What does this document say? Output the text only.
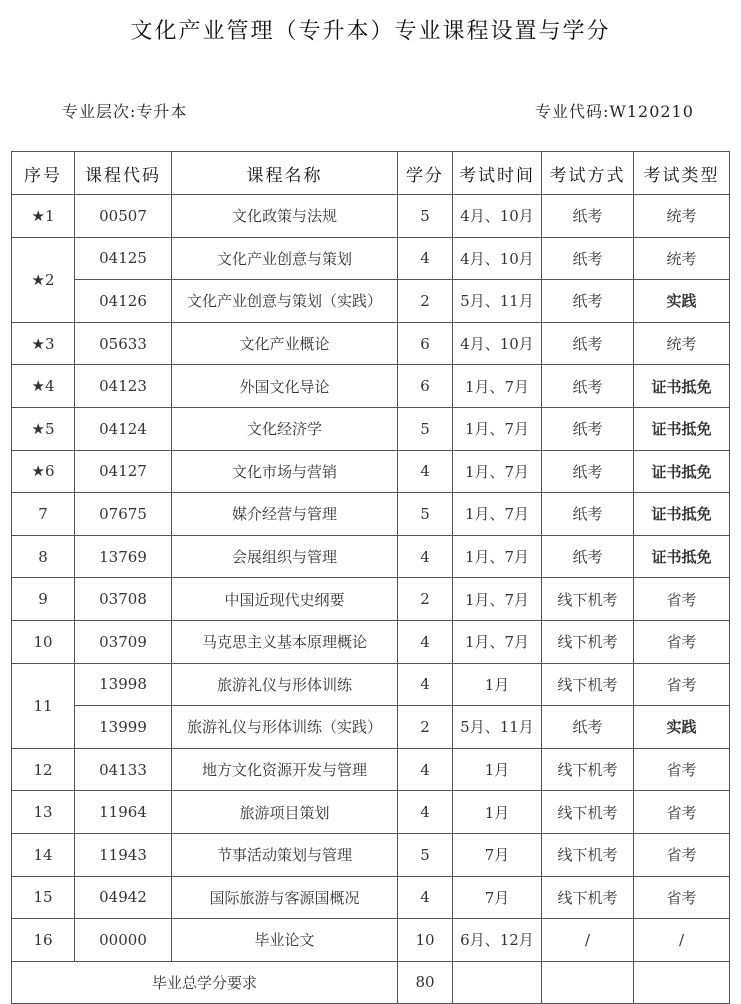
文化产业管理（专升本）专业课程设置与学分
专业层次:专升本	专业代码:W120210
序号	课程代码	课程名称	学分	考试时间	考试方式	考试类型
★1	00507	文化政策与法规	5	4月、10月	纸考	统考
★2	04125	文化产业创意与策划	4	4月、10月	纸考	统考
	04126	文化产业创意与策划（实践）	2	5月、11月	纸考	实践
★3	05633	文化产业概论	6	4月、10月	纸考	统考
★4	04123	外国文化导论	6	1月、7月	纸考	证书抵免
★5	04124	文化经济学	5	1月、7月	纸考	证书抵免
★6	04127	文化市场与营销	4	1月、7月	纸考	证书抵免
7	07675	媒介经营与管理	5	1月、7月	纸考	证书抵免
8	13769	会展组织与管理	4	1月、7月	纸考	证书抵免
9	03708	中国近现代史纲要	2	1月、7月	线下机考	省考
10	03709	马克思主义基本原理概论	4	1月、7月	线下机考	省考
11	13998	旅游礼仪与形体训练	4	1月	线下机考	省考
	13999	旅游礼仪与形体训练（实践）	2	5月、11月	纸考	实践
12	04133	地方文化资源开发与管理	4	1月	线下机考	省考
13	11964	旅游项目策划	4	1月	线下机考	省考
14	11943	节事活动策划与管理	5	7月	线下机考	省考
15	04942	国际旅游与客源国概况	4	7月	线下机考	省考
16	00000	毕业论文	10	6月、12月	/	/
毕业总学分要求			80			
